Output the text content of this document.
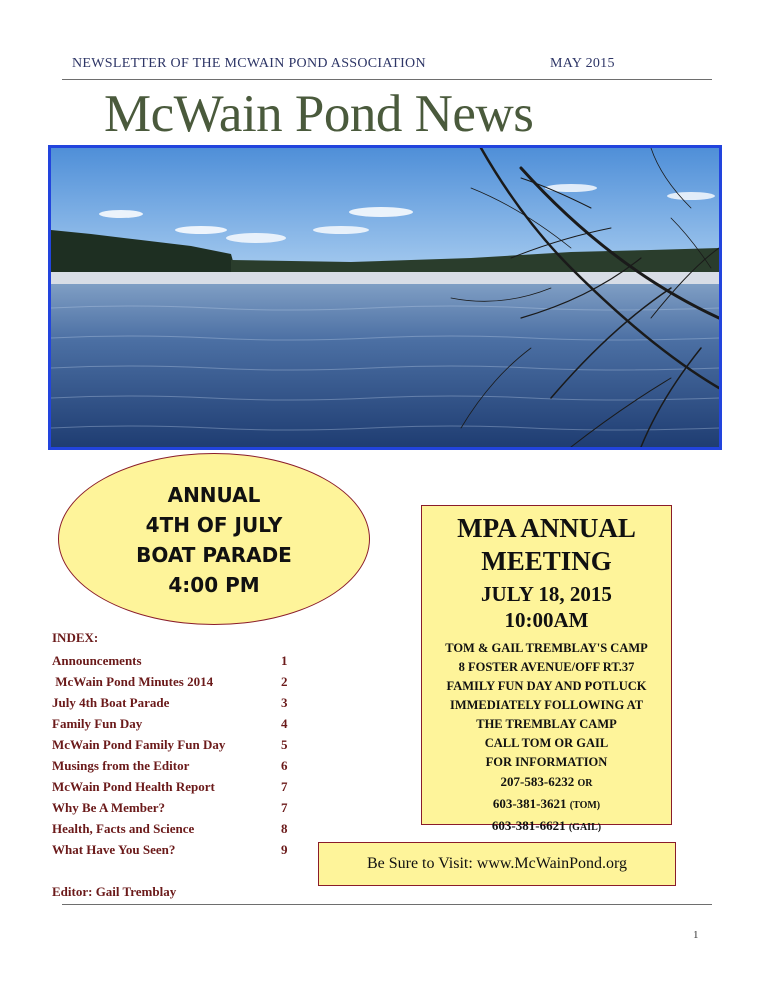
NEWSLETTER OF THE MCWAIN POND ASSOCIATION	MAY 2015
McWain Pond News
ANNUAL
4TH OF JULY
BOAT PARADE
4:00 PM
MPA ANNUAL
MEETING
JULY 18, 2015
10:00AM
TOM & GAIL TREMBLAY'S CAMP
8 FOSTER AVENUE/OFF RT.37
FAMILY FUN DAY AND POTLUCK
IMMEDIATELY FOLLOWING AT
THE TREMBLAY CAMP
CALL TOM OR GAIL
FOR INFORMATION
207-583-6232 OR
603-381-3621 (TOM)
603-381-6621 (GAIL)
INDEX:
Announcements	1
McWain Pond Minutes 2014	2
July 4th Boat Parade	3
Family Fun Day	4
McWain Pond Family Fun Day	5
Musings from the Editor	6
McWain Pond Health Report	7
Why Be A Member?	7
Health, Facts and Science	8
What Have You Seen?	9
Be Sure to Visit: www.McWainPond.org
Editor: Gail Tremblay
1
